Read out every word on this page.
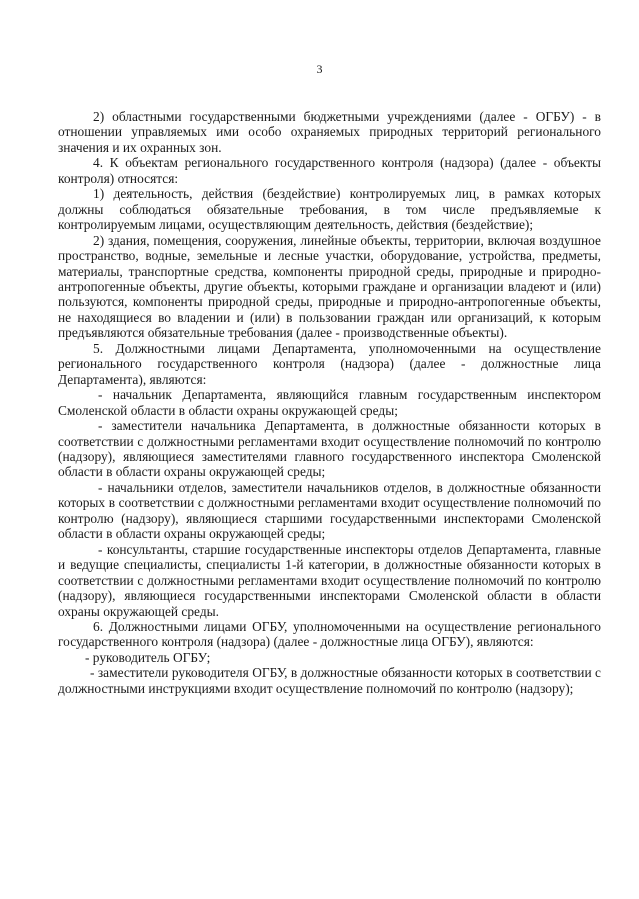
3

2) областными государственными бюджетными учреждениями (далее - ОГБУ) - в отношении управляемых ими особо охраняемых природных территорий регионального значения и их охранных зон.

4. К объектам регионального государственного контроля (надзора) (далее - объекты контроля) относятся:

1) деятельность, действия (бездействие) контролируемых лиц, в рамках которых должны соблюдаться обязательные требования, в том числе предъявляемые к контролируемым лицами, осуществляющим деятельность, действия (бездействие);

2) здания, помещения, сооружения, линейные объекты, территории, включая воздушное пространство, водные, земельные и лесные участки, оборудование, устройства, предметы, материалы, транспортные средства, компоненты природной среды, природные и природно-антропогенные объекты, другие объекты, которыми граждане и организации владеют и (или) пользуются, компоненты природной среды, природные и природно-антропогенные объекты, не находящиеся во владении и (или) в пользовании граждан или организаций, к которым предъявляются обязательные требования (далее - производственные объекты).

5. Должностными лицами Департамента, уполномоченными на осуществление регионального государственного контроля (надзора) (далее - должностные лица Департамента), являются:

- начальник Департамента, являющийся главным государственным инспектором Смоленской области в области охраны окружающей среды;

- заместители начальника Департамента, в должностные обязанности которых в соответствии с должностными регламентами входит осуществление полномочий по контролю (надзору), являющиеся заместителями главного государственного инспектора Смоленской области в области охраны окружающей среды;

- начальники отделов, заместители начальников отделов, в должностные обязанности которых в соответствии с должностными регламентами входит осуществление полномочий по контролю (надзору), являющиеся старшими государственными инспекторами Смоленской области в области охраны окружающей среды;

- консультанты, старшие государственные инспекторы отделов Департамента, главные и ведущие специалисты, специалисты 1-й категории, в должностные обязанности которых в соответствии с должностными регламентами входит осуществление полномочий по контролю (надзору), являющиеся государственными инспекторами Смоленской области в области охраны окружающей среды.

6. Должностными лицами ОГБУ, уполномоченными на осуществление регионального государственного контроля (надзора) (далее - должностные лица ОГБУ), являются:

- руководитель ОГБУ;

- заместители руководителя ОГБУ, в должностные обязанности которых в соответствии с должностными инструкциями входит осуществление полномочий по контролю (надзору);
